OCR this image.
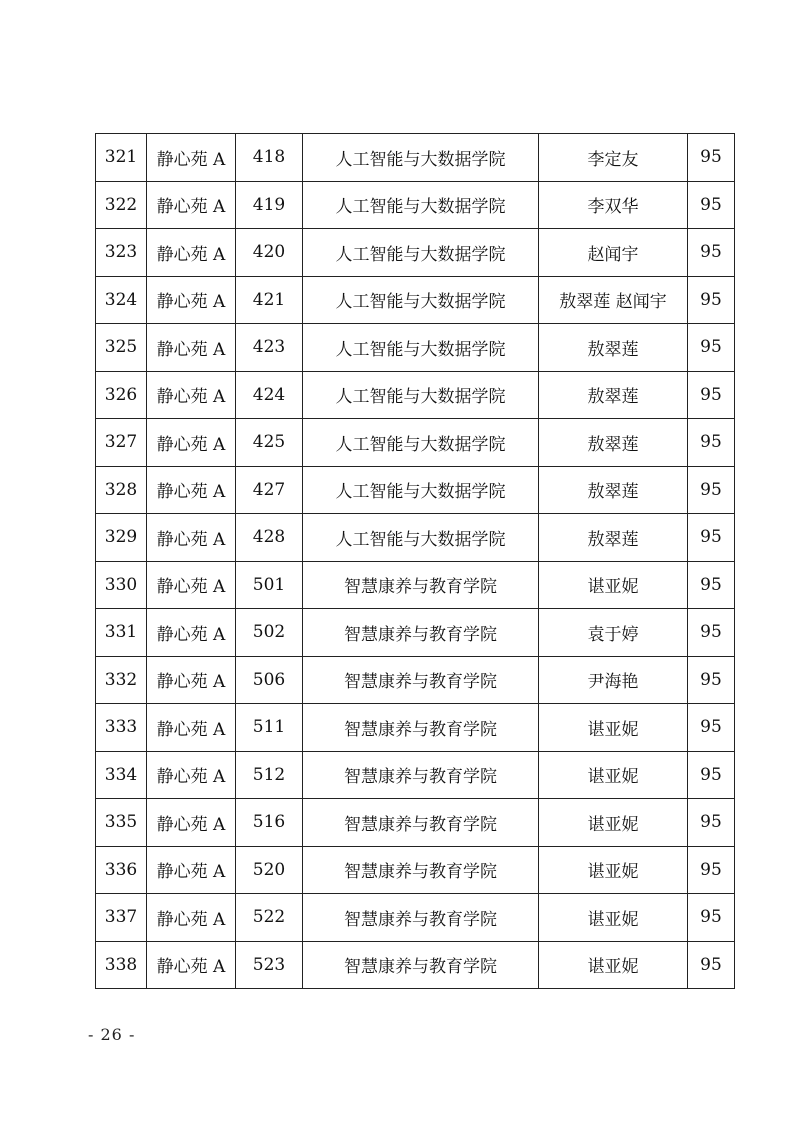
321	静心苑 A	418	人工智能与大数据学院	李定友	95
322	静心苑 A	419	人工智能与大数据学院	李双华	95
323	静心苑 A	420	人工智能与大数据学院	赵闻宇	95
324	静心苑 A	421	人工智能与大数据学院	敖翠莲 赵闻宇	95
325	静心苑 A	423	人工智能与大数据学院	敖翠莲	95
326	静心苑 A	424	人工智能与大数据学院	敖翠莲	95
327	静心苑 A	425	人工智能与大数据学院	敖翠莲	95
328	静心苑 A	427	人工智能与大数据学院	敖翠莲	95
329	静心苑 A	428	人工智能与大数据学院	敖翠莲	95
330	静心苑 A	501	智慧康养与教育学院	谌亚妮	95
331	静心苑 A	502	智慧康养与教育学院	袁于婷	95
332	静心苑 A	506	智慧康养与教育学院	尹海艳	95
333	静心苑 A	511	智慧康养与教育学院	谌亚妮	95
334	静心苑 A	512	智慧康养与教育学院	谌亚妮	95
335	静心苑 A	516	智慧康养与教育学院	谌亚妮	95
336	静心苑 A	520	智慧康养与教育学院	谌亚妮	95
337	静心苑 A	522	智慧康养与教育学院	谌亚妮	95
338	静心苑 A	523	智慧康养与教育学院	谌亚妮	95
- 26 -
